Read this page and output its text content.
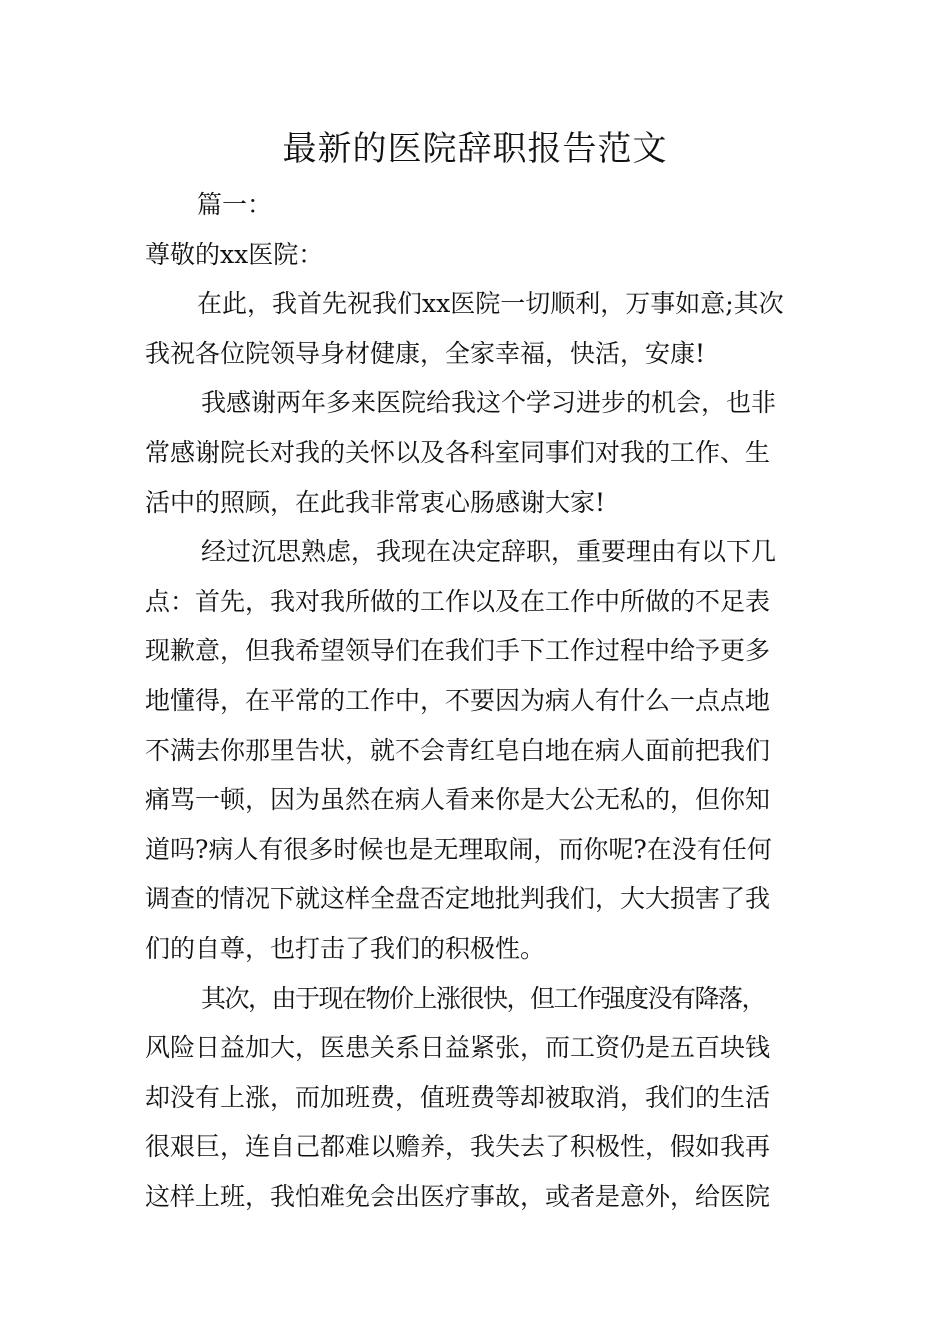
最新的医院辞职报告范文
篇一：
尊敬的xx医院：
在此，我首先祝我们xx医院一切顺利，万事如意;其次
我祝各位院领导身材健康，全家幸福，快活，安康!
我感谢两年多来医院给我这个学习进步的机会，也非
常感谢院长对我的关怀以及各科室同事们对我的工作、生
活中的照顾，在此我非常衷心肠感谢大家!
经过沉思熟虑，我现在决定辞职，重要理由有以下几
点：首先，我对我所做的工作以及在工作中所做的不足表
现歉意，但我希望领导们在我们手下工作过程中给予更多
地懂得，在平常的工作中，不要因为病人有什么一点点地
不满去你那里告状，就不会青红皂白地在病人面前把我们
痛骂一顿，因为虽然在病人看来你是大公无私的，但你知
道吗?病人有很多时候也是无理取闹，而你呢?在没有任何
调查的情况下就这样全盘否定地批判我们，大大损害了我
们的自尊，也打击了我们的积极性。
其次，由于现在物价上涨很快，但工作强度没有降落，
风险日益加大，医患关系日益紧张，而工资仍是五百块钱
却没有上涨，而加班费，值班费等却被取消，我们的生活
很艰巨，连自己都难以赡养，我失去了积极性，假如我再
这样上班，我怕难免会出医疗事故，或者是意外，给医院
